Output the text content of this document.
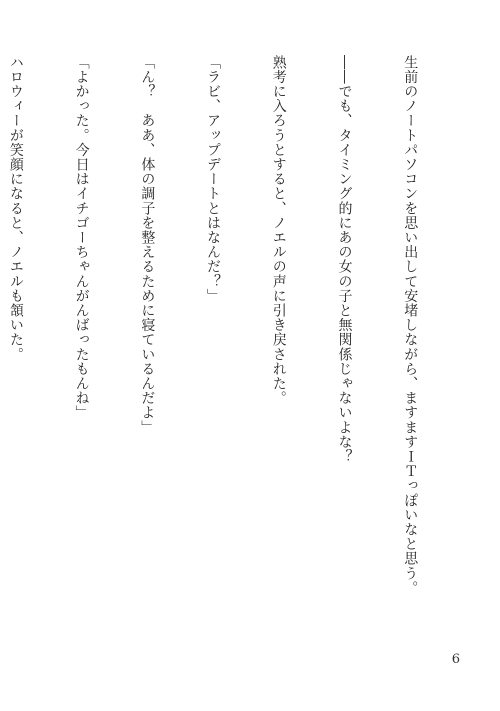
生前のノートパソコンを思い出して安堵しながら、ますますＩＴっぽいなと思う。

――でも、タイミング的にあの女の子と無関係じゃないよな？

熟考に入ろうとすると、ノエルの声に引き戻された。

「ラビ、アップデートとはなんだ？」

「ん？　ああ、体の調子を整えるために寝ているんだよ」

「よかった。今日はイチゴーちゃんがんばったもんね」

ハロウィーが笑顔になると、ノエルも頷いた。

6
